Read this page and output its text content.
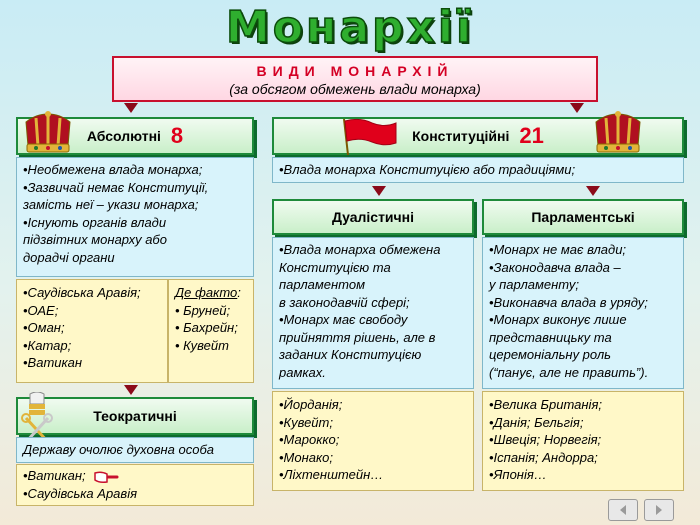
Монархії
ВИДИ МОНАРХІЙ
(за обсягом обмежень влади монарха)
Абсолютні 8
•Необмежена влада монарха;
•Зазвичай немає Конституції,
замість неї – укази монарха;
•Існують органів влади
підзвітних монарху або
дорадчі органи
•Саудівська Аравія;
•ОАЕ;
•Оман;
•Катар;
•Ватикан
Де факто:
• Бруней;
• Бахрейн;
• Кувейт
Теократичні
Державу очолює духовна особа
•Ватикан;
•Саудівська Аравія
Конституційні 21
•Влада монарха Конституцією або традиціями;
Дуалістичні
•Влада монарха обмежена
Конституцією та
парламентом
в законодавчій сфері;
•Монарх має свободу
прийняття рішень, але в
заданих Конституцією
рамках.
•Йорданія;
•Кувейт;
•Марокко;
•Монако;
•Ліхтенштейн…
Парламентські
•Монарх не має влади;
•Законодавча влада –
у парламенту;
•Виконавча влада в уряду;
•Монарх виконує лише
представницьку та
церемоніальну роль
(“панує, але не править”).
•Велика Британія;
•Данія; Бельгія;
•Швеція; Норвегія;
•Іспанія; Андорра;
•Японія…
